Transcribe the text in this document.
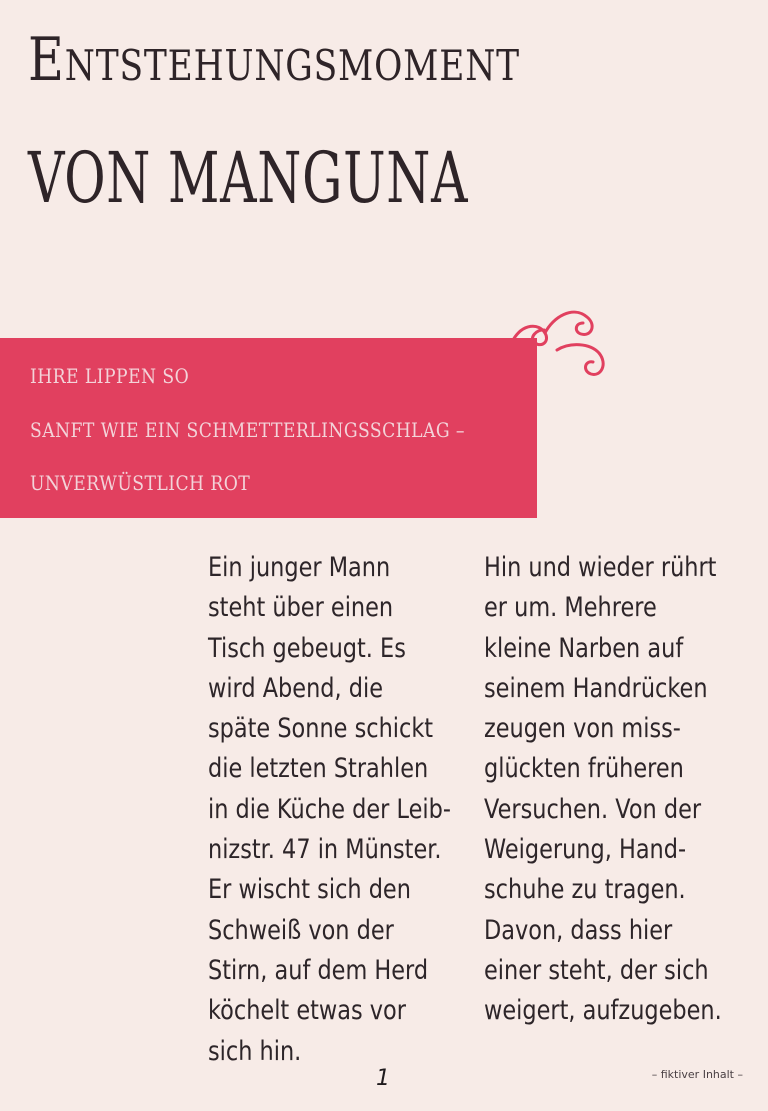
Entstehungsmoment
VON MANGUNA
IHRE LIPPEN SO
SANFT WIE EIN SCHMETTERLINGSSCHLAG –
UNVERWÜSTLICH ROT
Ein junger Mann
steht über einen
Tisch gebeugt. Es
wird Abend, die
späte Sonne schickt
die letzten Strahlen
in die Küche der Leib-
nizstr. 47 in Münster.
Er wischt sich den
Schweiß von der
Stirn, auf dem Herd
köchelt etwas vor
sich hin.
Hin und wieder rührt
er um. Mehrere
kleine Narben auf
seinem Handrücken
zeugen von miss-
glückten früheren
Versuchen. Von der
Weigerung, Hand-
schuhe zu tragen.
Davon, dass hier
einer steht, der sich
weigert, aufzugeben.
1	– fiktiver Inhalt –
